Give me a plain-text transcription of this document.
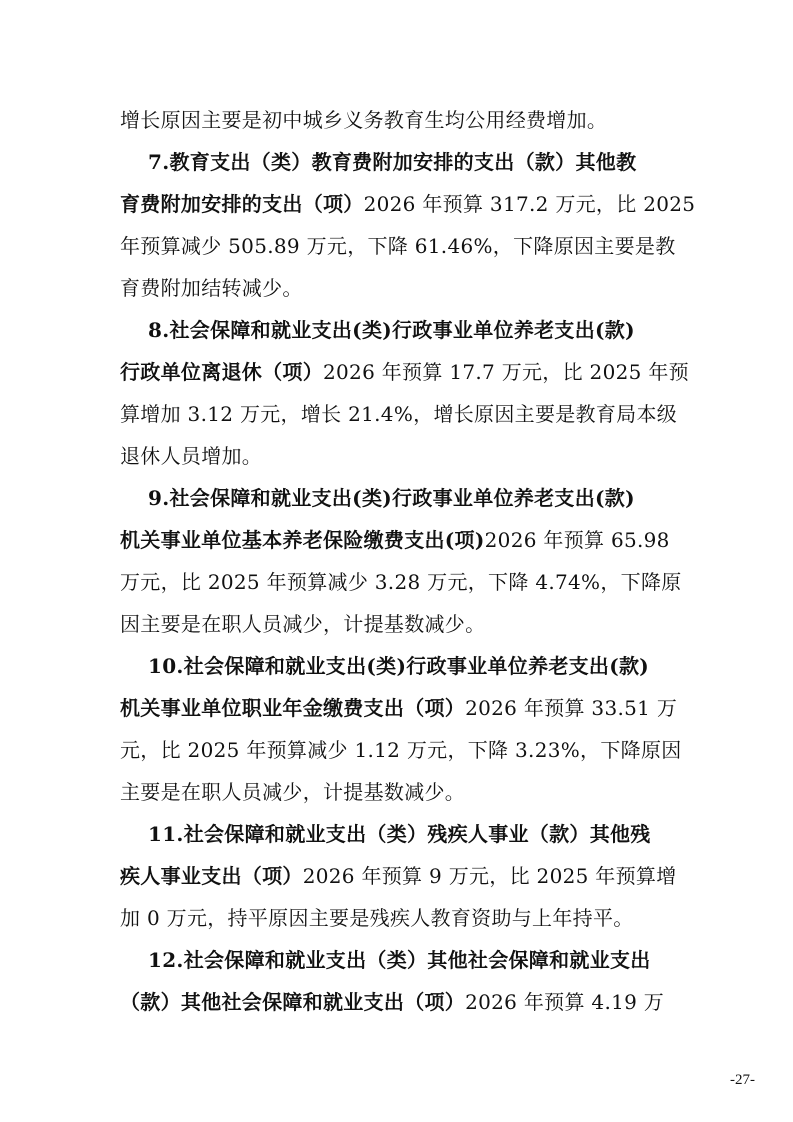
增长原因主要是初中城乡义务教育生均公用经费增加。
7.教育支出（类）教育费附加安排的支出（款）其他教
育费附加安排的支出（项）2026 年预算 317.2 万元，比 2025
年预算减少 505.89 万元，下降 61.46%，下降原因主要是教
育费附加结转减少。
8.社会保障和就业支出(类)行政事业单位养老支出(款)
行政单位离退休（项）2026 年预算 17.7 万元，比 2025 年预
算增加 3.12 万元，增长 21.4%，增长原因主要是教育局本级
退休人员增加。
9.社会保障和就业支出(类)行政事业单位养老支出(款)
机关事业单位基本养老保险缴费支出(项)2026 年预算 65.98
万元，比 2025 年预算减少 3.28 万元，下降 4.74%，下降原
因主要是在职人员减少，计提基数减少。
10.社会保障和就业支出(类)行政事业单位养老支出(款)
机关事业单位职业年金缴费支出（项）2026 年预算 33.51 万
元，比 2025 年预算减少 1.12 万元，下降 3.23%，下降原因
主要是在职人员减少，计提基数减少。
11.社会保障和就业支出（类）残疾人事业（款）其他残
疾人事业支出（项）2026 年预算 9 万元，比 2025 年预算增
加 0 万元，持平原因主要是残疾人教育资助与上年持平。
12.社会保障和就业支出（类）其他社会保障和就业支出
（款）其他社会保障和就业支出（项）2026 年预算 4.19 万
-27-
